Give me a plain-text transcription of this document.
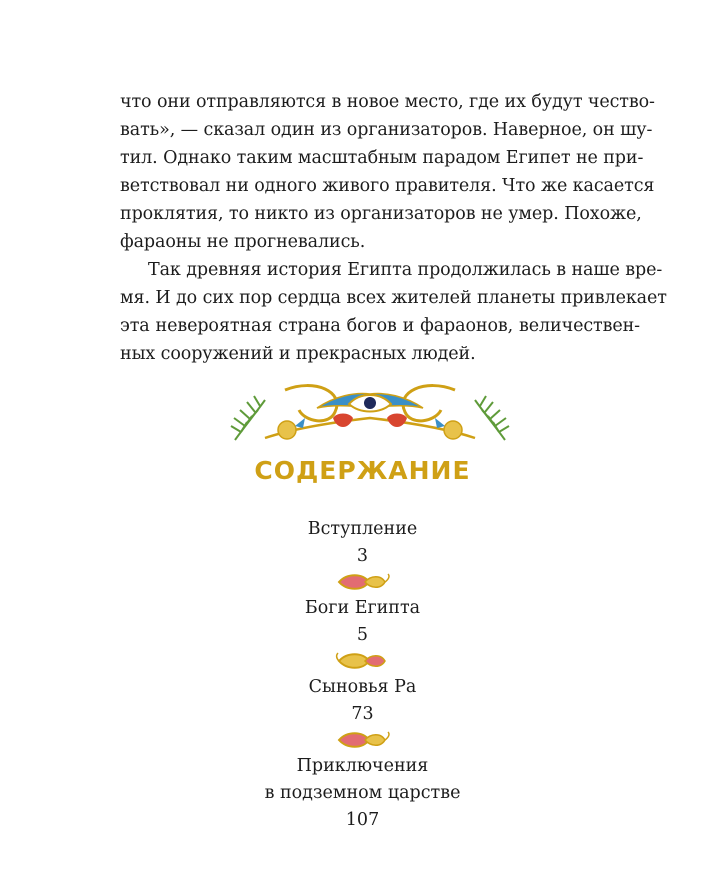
что они отправляются в новое место, где их будут чество-
вать», — сказал один из организаторов. Наверное, он шу-
тил. Однако таким масштабным парадом Египет не при-
ветствовал ни одного живого правителя. Что же касается
проклятия, то никто из организаторов не умер. Похоже,
фараоны не прогневались.
Так древняя история Египта продолжилась в наше вре-
мя. И до сих пор сердца всех жителей планеты привлекает
эта невероятная страна богов и фараонов, величествен-
ных сооружений и прекрасных людей.
СОДЕРЖАНИЕ
Вступление
3
Боги Египта
5
Сыновья Ра
73
Приключения
в подземном царстве
107
